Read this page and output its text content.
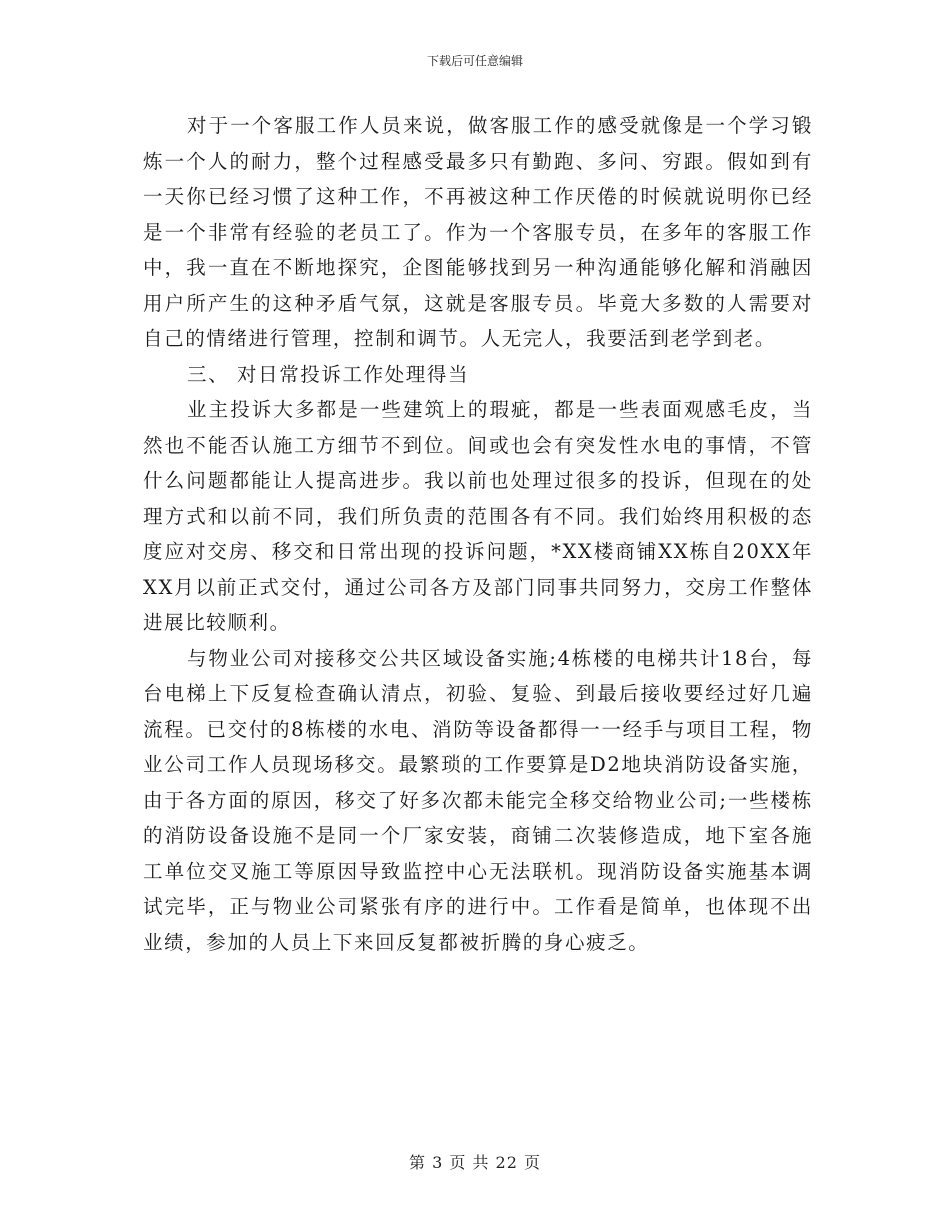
下载后可任意编辑

对于一个客服工作人员来说，做客服工作的感受就像是一个学习锻炼一个人的耐力，整个过程感受最多只有勤跑、多问、穷跟。假如到有一天你已经习惯了这种工作，不再被这种工作厌倦的时候就说明你已经是一个非常有经验的老员工了。作为一个客服专员，在多年的客服工作中，我一直在不断地探究，企图能够找到另一种沟通能够化解和消融因用户所产生的这种矛盾气氛，这就是客服专员。毕竟大多数的人需要对自己的情绪进行管理，控制和调节。人无完人，我要活到老学到老。

三、 对日常投诉工作处理得当

业主投诉大多都是一些建筑上的瑕疵，都是一些表面观感毛皮，当然也不能否认施工方细节不到位。间或也会有突发性水电的事情，不管什么问题都能让人提高进步。我以前也处理过很多的投诉，但现在的处理方式和以前不同，我们所负责的范围各有不同。我们始终用积极的态度应对交房、移交和日常出现的投诉问题，*XX楼商铺XX栋自20XX年XX月以前正式交付，通过公司各方及部门同事共同努力，交房工作整体进展比较顺利。

与物业公司对接移交公共区域设备实施;4栋楼的电梯共计18台，每台电梯上下反复检查确认清点，初验、复验、到最后接收要经过好几遍流程。已交付的8栋楼的水电、消防等设备都得一一经手与项目工程，物业公司工作人员现场移交。最繁琐的工作要算是D2地块消防设备实施，由于各方面的原因，移交了好多次都未能完全移交给物业公司;一些楼栋的消防设备设施不是同一个厂家安装，商铺二次装修造成，地下室各施工单位交叉施工等原因导致监控中心无法联机。现消防设备实施基本调试完毕，正与物业公司紧张有序的进行中。工作看是简单，也体现不出业绩，参加的人员上下来回反复都被折腾的身心疲乏。

第 3 页 共 22 页
